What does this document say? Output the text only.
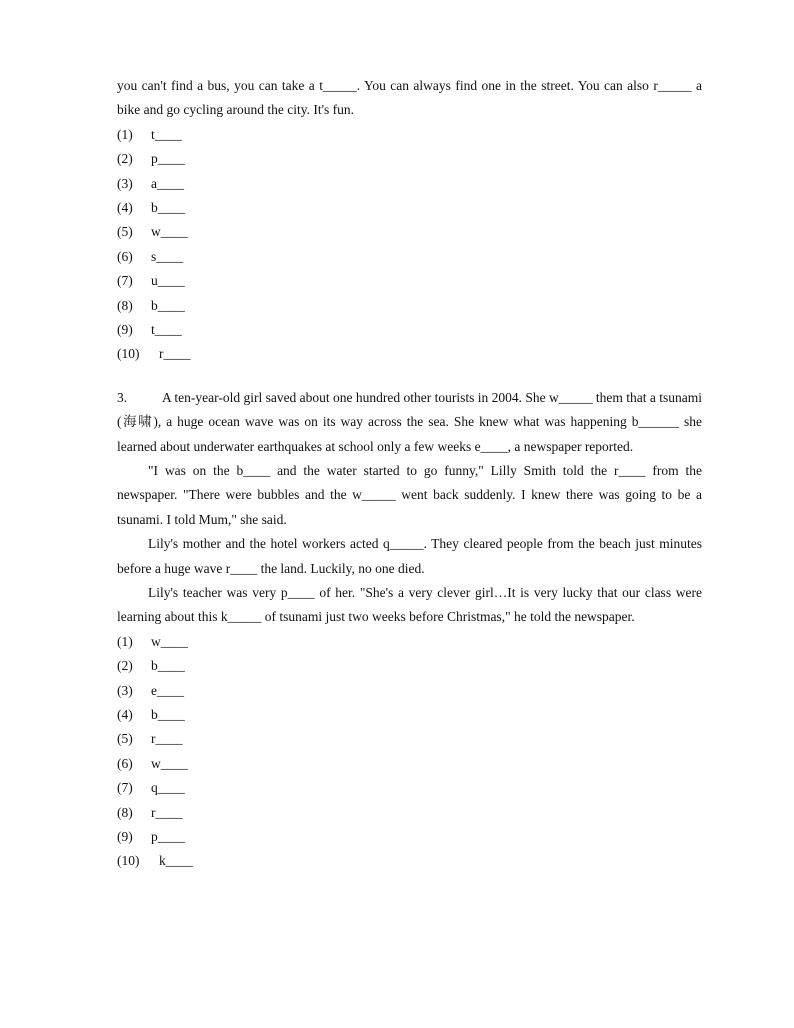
you can't find a bus, you can take a t_____. You can always find one in the street. You can also r_____ a bike and go cycling around the city. It's fun.

(1) t____
(2) p____
(3) a____
(4) b____
(5) w____
(6) s____
(7) u____
(8) b____
(9) t____
(10) r____

3.	A ten-year-old girl saved about one hundred other tourists in 2004. She w_____ them that a tsunami (海啸), a huge ocean wave was on its way across the sea. She knew what was happening b______ she learned about underwater earthquakes at school only a few weeks e____, a newspaper reported.

"I was on the b____ and the water started to go funny," Lilly Smith told the r____ from the newspaper. "There were bubbles and the w_____ went back suddenly. I knew there was going to be a tsunami. I told Mum," she said.

Lily's mother and the hotel workers acted q_____. They cleared people from the beach just minutes before a huge wave r____ the land. Luckily, no one died.

Lily's teacher was very p____ of her. "She's a very clever girl…It is very lucky that our class were learning about this k_____ of tsunami just two weeks before Christmas," he told the newspaper.

(1) w____
(2) b____
(3) e____
(4) b____
(5) r____
(6) w____
(7) q____
(8) r____
(9) p____
(10) k____
